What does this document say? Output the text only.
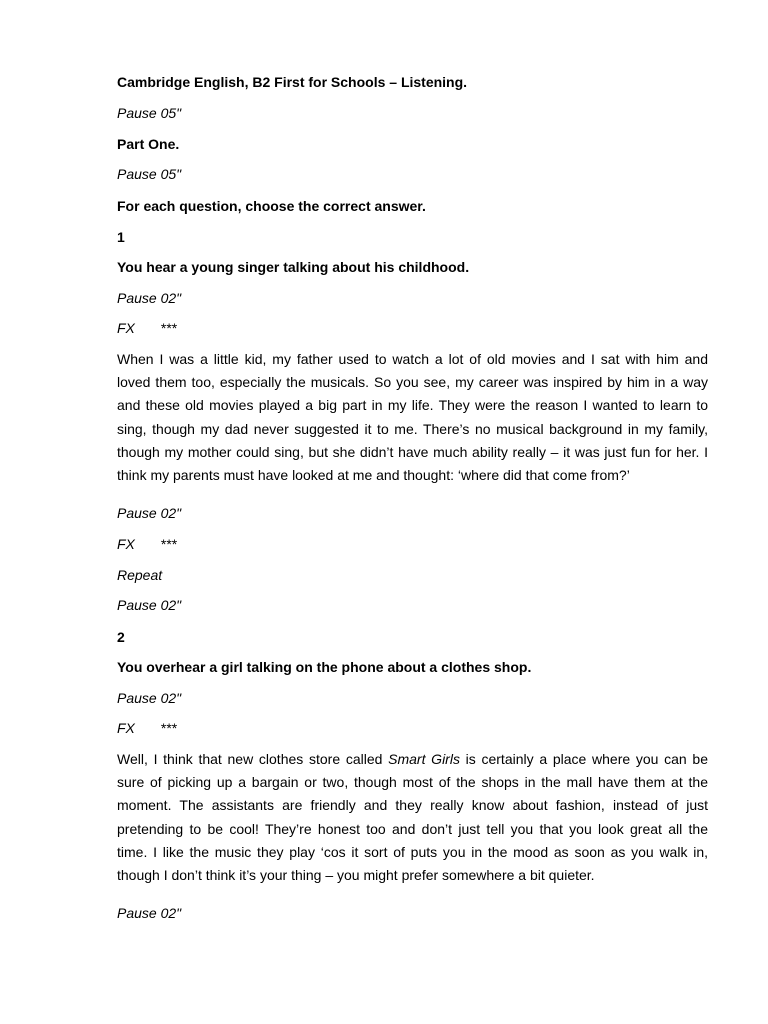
Cambridge English, B2 First for Schools – Listening.
Pause 05"
Part One.
Pause 05"
For each question, choose the correct answer.
1
You hear a young singer talking about his childhood.
Pause 02"
FX ***
When I was a little kid, my father used to watch a lot of old movies and I sat with him and
loved them too, especially the musicals. So you see, my career was inspired by him in a way
and these old movies played a big part in my life. They were the reason I wanted to learn to
sing, though my dad never suggested it to me. There’s no musical background in my family,
though my mother could sing, but she didn’t have much ability really – it was just fun for her. I
think my parents must have looked at me and thought: ‘where did that come from?’
Pause 02"
FX ***
Repeat
Pause 02"
2
You overhear a girl talking on the phone about a clothes shop.
Pause 02"
FX ***
Well, I think that new clothes store called Smart Girls is certainly a place where you can be
sure of picking up a bargain or two, though most of the shops in the mall have them at the
moment. The assistants are friendly and they really know about fashion, instead of just
pretending to be cool! They’re honest too and don’t just tell you that you look great all the
time. I like the music they play ‘cos it sort of puts you in the mood as soon as you walk in,
though I don’t think it’s your thing – you might prefer somewhere a bit quieter.
Pause 02"
